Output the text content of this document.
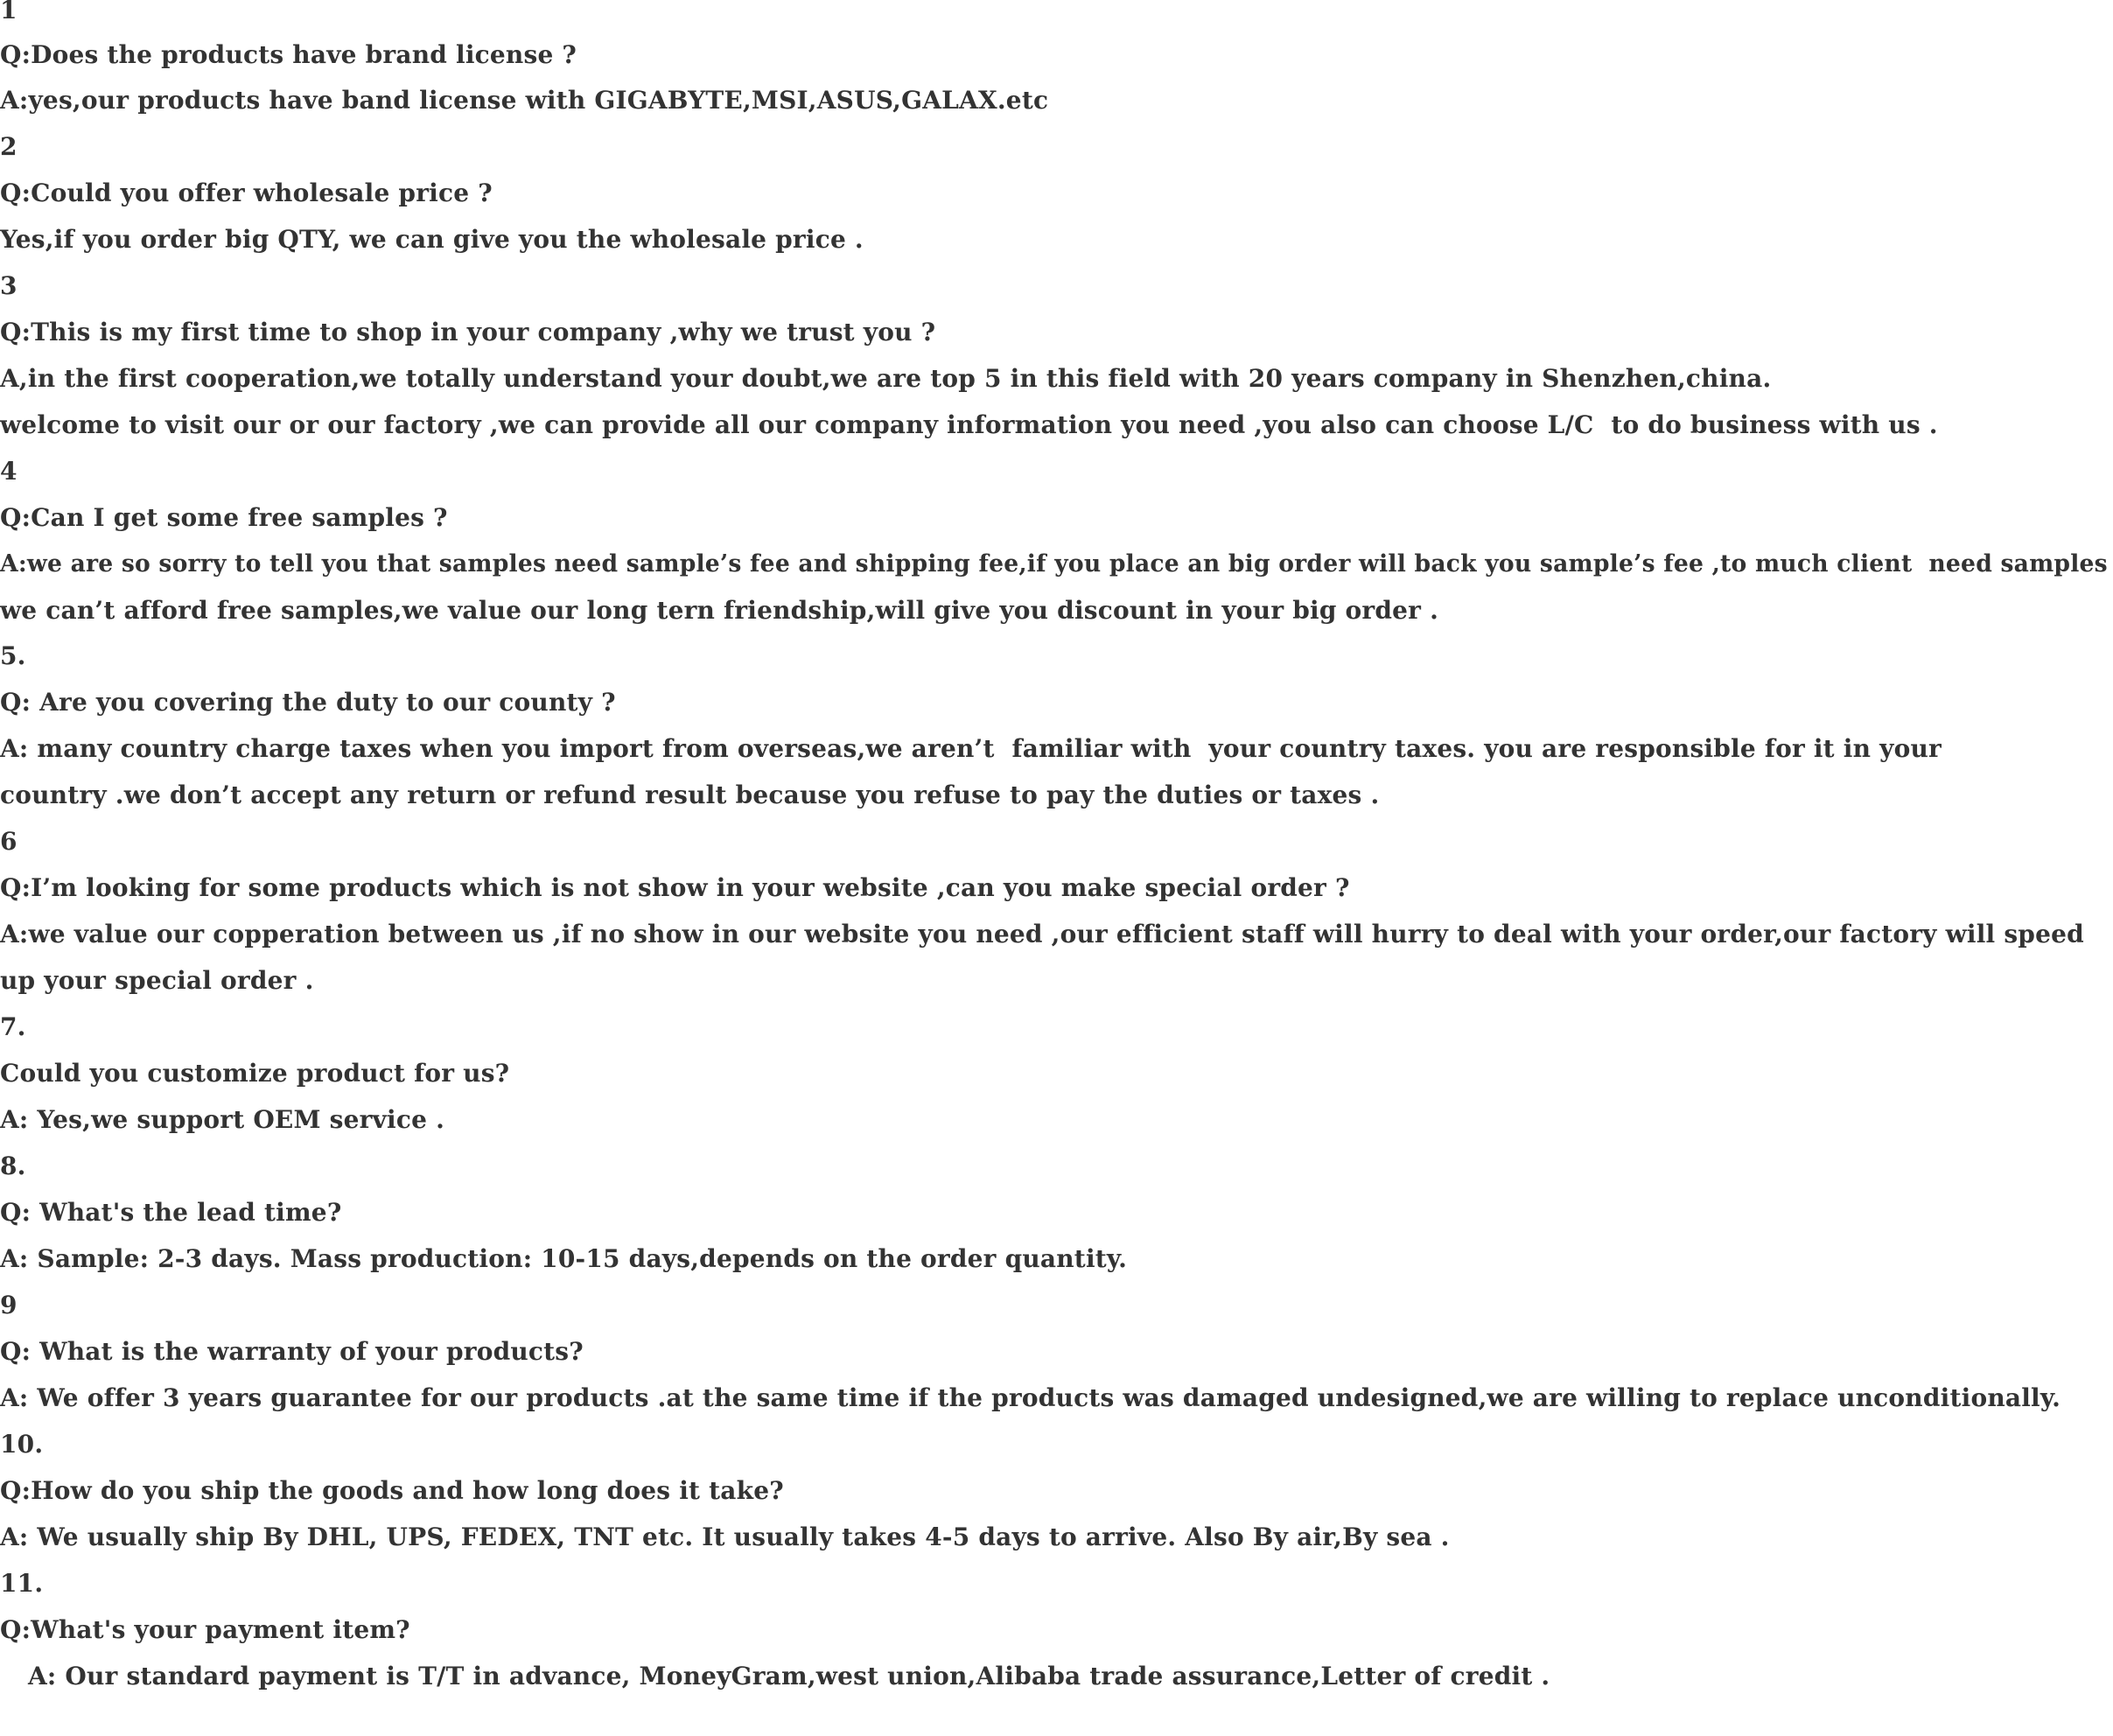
1
Q:Does the products have brand license ?
A:yes,our products have band license with GIGABYTE,MSI,ASUS,GALAX.etc
2
Q:Could you offer wholesale price ?
Yes,if you order big QTY, we can give you the wholesale price .
3
Q:This is my first time to shop in your company ,why we trust you ?
A,in the first cooperation,we totally understand your doubt,we are top 5 in this field with 20 years company in Shenzhen,china.
welcome to visit our or our factory ,we can provide all our company information you need ,you also can choose L/C  to do business with us .
4
Q:Can I get some free samples ?
A:we are so sorry to tell you that samples need sample’s fee and shipping fee,if you place an big order will back you sample’s fee ,to much client  need samples
we can’t afford free samples,we value our long tern friendship,will give you discount in your big order .
5.
Q: Are you covering the duty to our county ?
A: many country charge taxes when you import from overseas,we aren’t  familiar with  your country taxes. you are responsible for it in your
country .we don’t accept any return or refund result because you refuse to pay the duties or taxes .
6
Q:I’m looking for some products which is not show in your website ,can you make special order ?
A:we value our copperation between us ,if no show in our website you need ,our efficient staff will hurry to deal with your order,our factory will speed
up your special order .
7.
Could you customize product for us?
A: Yes,we support OEM service .
8.
Q: What's the lead time?
A: Sample: 2-3 days. Mass production: 10-15 days,depends on the order quantity.
9
Q: What is the warranty of your products?
A: We offer 3 years guarantee for our products .at the same time if the products was damaged undesigned,we are willing to replace unconditionally.
10.
Q:How do you ship the goods and how long does it take?
A: We usually ship By DHL, UPS, FEDEX, TNT etc. It usually takes 4-5 days to arrive. Also By air,By sea .
11.
Q:What's your payment item?
A: Our standard payment is T/T in advance, MoneyGram,west union,Alibaba trade assurance,Letter of credit .
